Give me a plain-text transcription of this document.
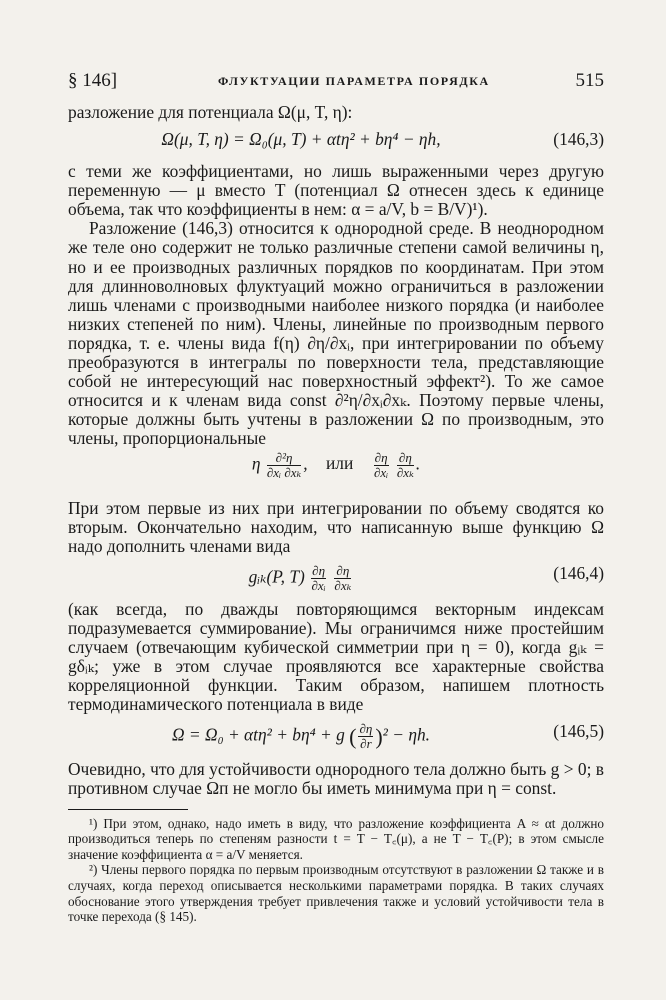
§ 146]	ФЛУКТУАЦИИ ПАРАМЕТРА ПОРЯДКА	515

разложение для потенциала Ω(μ, T, η):

Ω(μ, T, η) = Ω₀(μ, T) + αtη² + bη⁴ − ηh,	(146,3)

с теми же коэффициентами, но лишь выраженными через другую переменную — μ вместо T (потенциал Ω отнесен здесь к единице объема, так что коэффициенты в нем: α = a/V, b = B/V)¹).

Разложение (146,3) относится к однородной среде. В неоднородном же теле оно содержит не только различные степени самой величины η, но и ее производных различных порядков по координатам. При этом для длинноволновых флуктуаций можно ограничиться в разложении лишь членами с производными наиболее низкого порядка (и наиболее низких степеней по ним). Члены, линейные по производным первого порядка, т. е. члены вида f(η) ∂η/∂xᵢ, при интегрировании по объему преобразуются в интегралы по поверхности тела, представляющие собой не интересующий нас поверхностный эффект²). То же самое относится и к членам вида const ∂²η/∂xᵢ∂xₖ. Поэтому первые члены, которые должны быть учтены в разложении Ω по производным, это члены, пропорциональные

η $\frac{\text{∂²η}}{\text{∂xᵢ ∂xₖ}}$ , или $\frac{\partial\eta}{\text{∂xᵢ}}$
$\frac{\partial\eta}{\text{∂xₖ}}$ .

При этом первые из них при интегрировании по объему сводятся ко вторым. Окончательно находим, что написанную выше функцию Ω надо дополнить членами вида

gᵢₖ(P, $T) \frac{\partial\eta}{\text{∂xᵢ}}$
$\frac{\partial\eta}{\text{∂xₖ}}$	(146,4)

(как всегда, по дважды повторяющимся векторным индексам подразумевается суммирование). Мы ограничимся ниже простейшим случаем (отвечающим кубической симметрии при η = 0), когда gᵢₖ = gδᵢₖ; уже в этом случае проявляются все характерные свойства корреляционной функции. Таким образом, напишем плотность термодинамического потенциала в виде

Ω = Ω₀ + αtη² + bη⁴ + g ( $\frac{\partial\eta}{\partial r} )^2 - \eta h$.	(146,5)

Очевидно, что для устойчивости однородного тела должно быть g > 0; в противном случае Ωп не могло бы иметь минимума при η = const.

¹) При этом, однако, надо иметь в виду, что разложение коэффициента A ≈ αt должно производиться теперь по степеням разности t = T − T꜀(μ), а не T − T꜀(P); в этом смысле значение коэффициента α = a/V меняется.

²) Члены первого порядка по первым производным отсутствуют в разложении Ω также и в случаях, когда переход описывается несколькими параметрами порядка. В таких случаях обоснование этого утверждения требует привлечения также и условий устойчивости тела в точке перехода (§ 145).
